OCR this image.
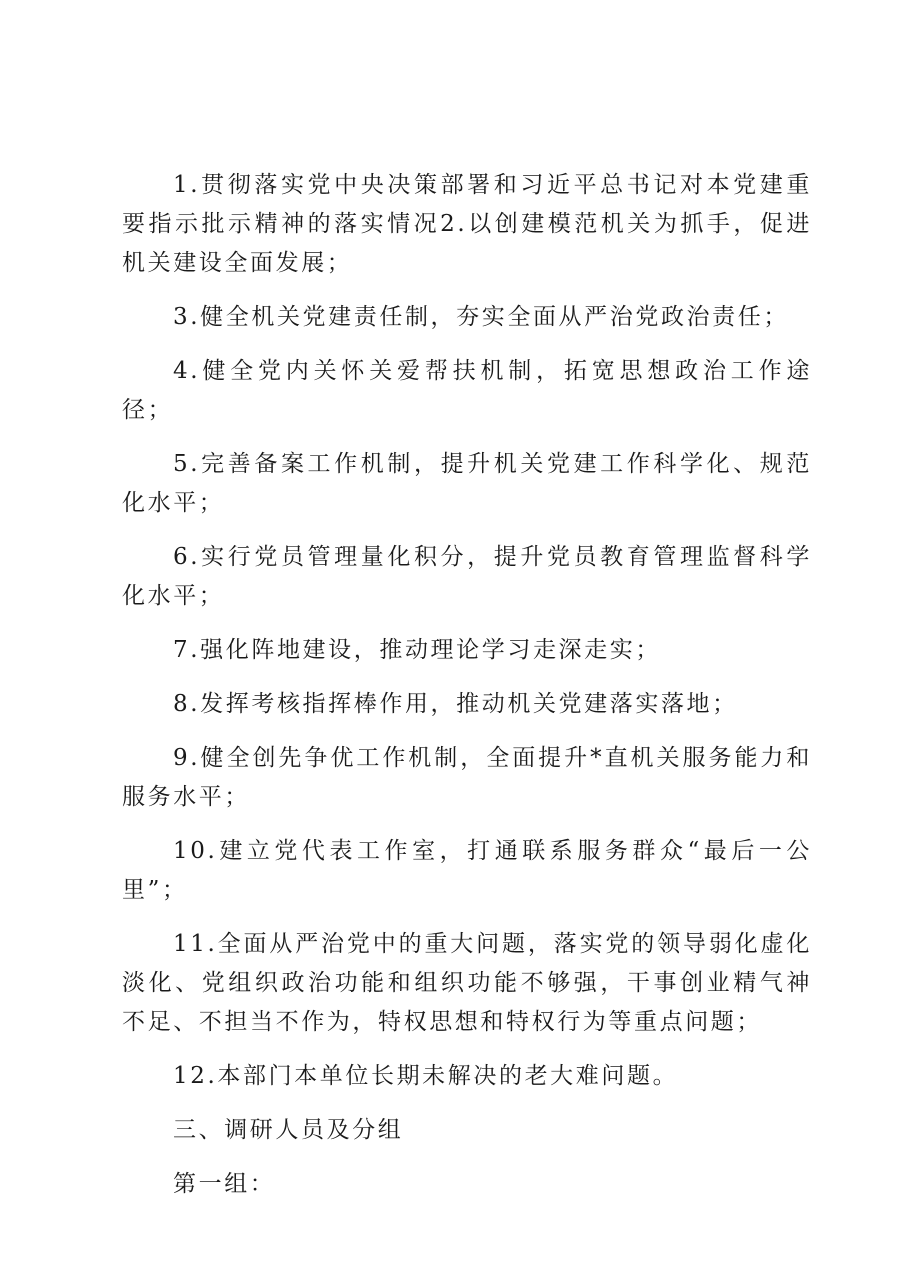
1.贯彻落实党中央决策部署和习近平总书记对本党建重要指示批示精神的落实情况2.以创建模范机关为抓手，促进机关建设全面发展；

3.健全机关党建责任制，夯实全面从严治党政治责任；

4.健全党内关怀关爱帮扶机制，拓宽思想政治工作途径；

5.完善备案工作机制，提升机关党建工作科学化、规范化水平；

6.实行党员管理量化积分，提升党员教育管理监督科学化水平；

7.强化阵地建设，推动理论学习走深走实；

8.发挥考核指挥棒作用，推动机关党建落实落地；

9.健全创先争优工作机制，全面提升*直机关服务能力和服务水平；

10.建立党代表工作室，打通联系服务群众“最后一公里”；

11.全面从严治党中的重大问题，落实党的领导弱化虚化淡化、党组织政治功能和组织功能不够强，干事创业精气神不足、不担当不作为，特权思想和特权行为等重点问题；

12.本部门本单位长期未解决的老大难问题。

三、调研人员及分组

第一组：
